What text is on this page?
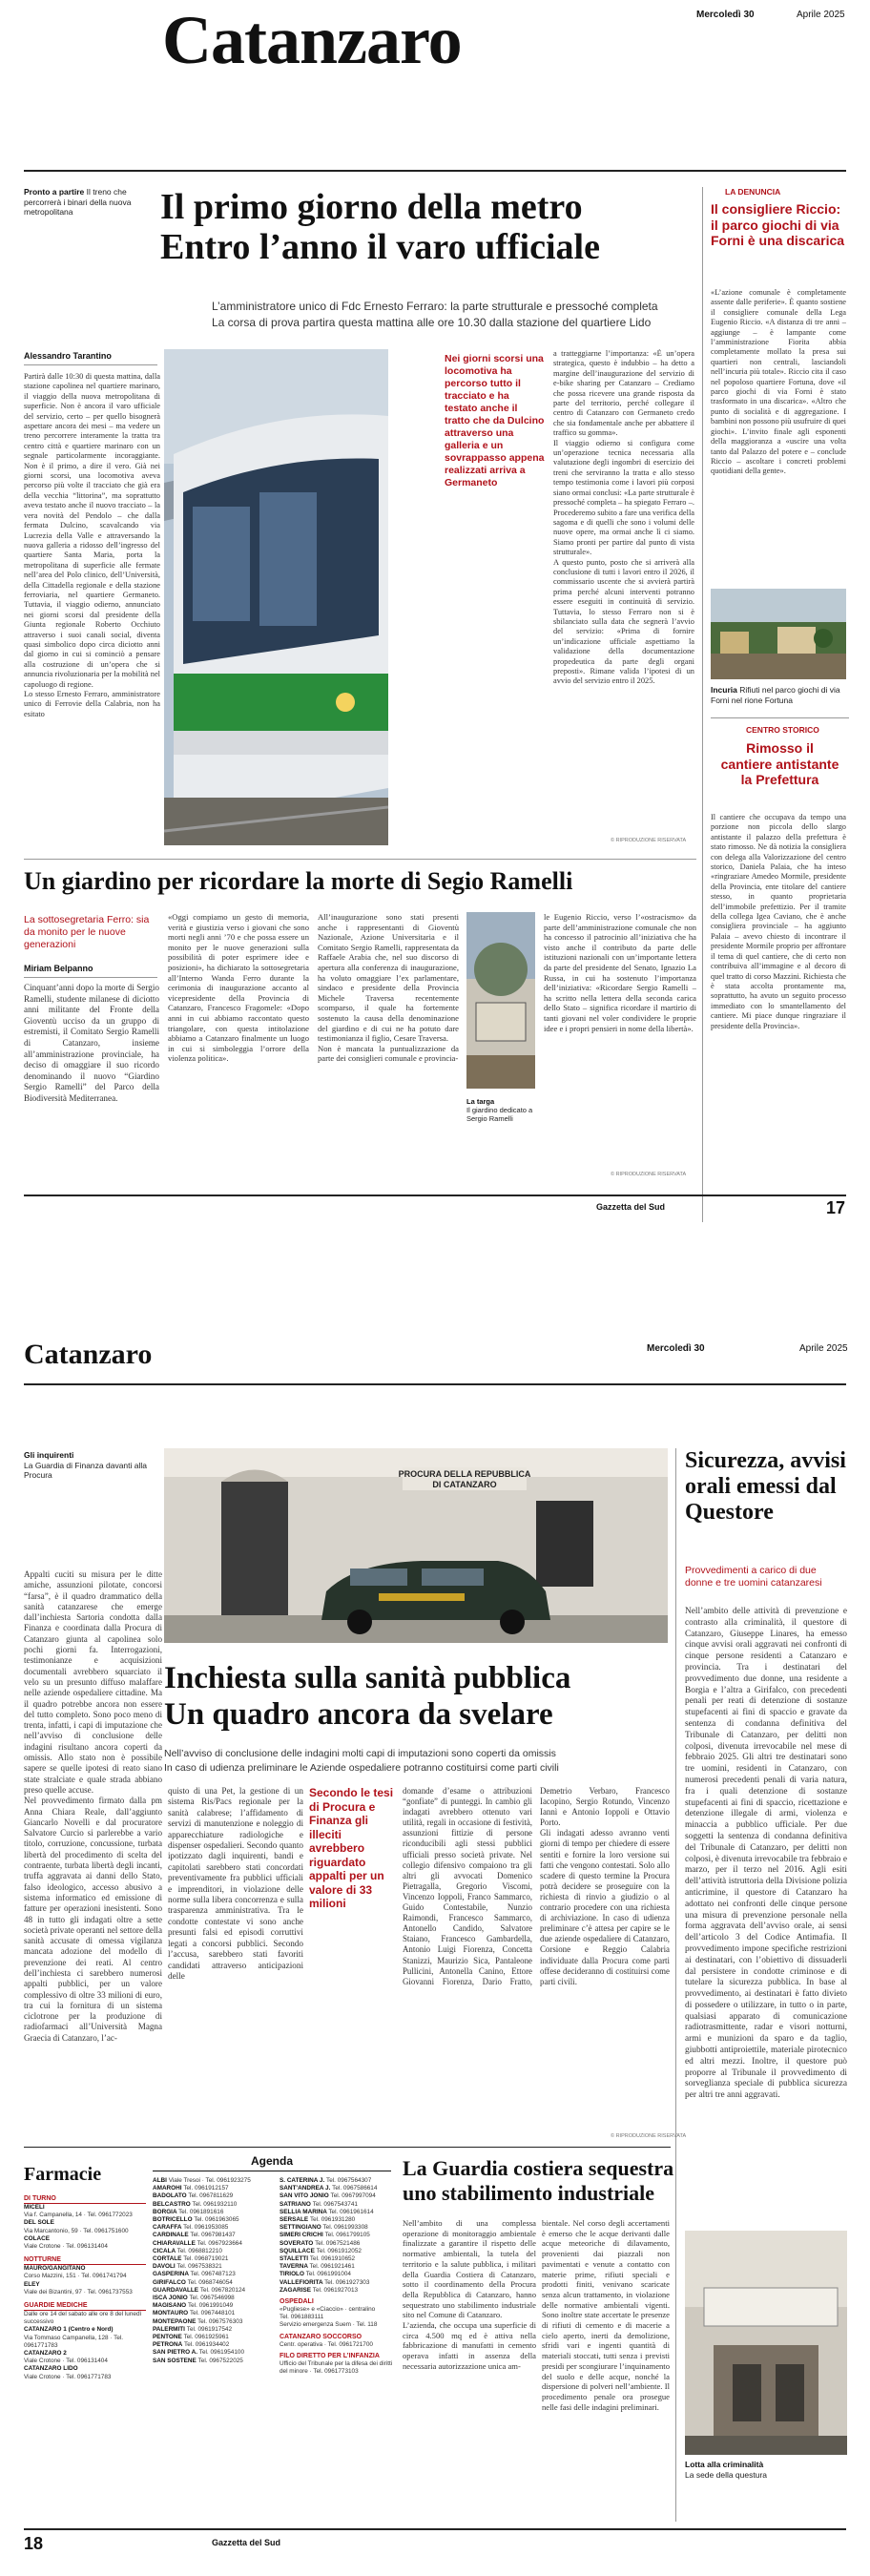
Catanzaro	Mercoledì 30	Aprile 2025
Pronto a partire Il treno che percorrerà i binari della nuova metropolitana	Il primo giorno della metro
Entro l’anno il varo ufficiale
L’amministratore unico di Fdc Ernesto Ferraro: la parte strutturale e pressoché completa
La corsa di prova partira questa mattina alle ore 10.30 dalla stazione del quartiere Lido
Alessandro Tarantino
Partirà dalle 10:30 di questa mattina, dalla stazione capolinea nel quartiere marinaro, il viaggio della nuova metropolitana di superficie. Non è ancora il varo ufficiale del servizio, certo – per quello bisognerà aspettare ancora dei mesi – ma vedere un treno percorrere interamente la tratta tra centro città e quartiere marinaro con un segnale particolarmente incoraggiante. Non è il primo, a dire il vero. Già nei giorni scorsi, una locomotiva aveva percorso più volte il tracciato che già era della vecchia “littorina”, ma soprattutto aveva testato anche il nuovo tracciato – la vera novità del Pendolo – che dalla fermata Dulcino, scavalcando via Lucrezia della Valle e attraversando la nuova galleria a ridosso dell’ingresso del quartiere Santa Maria, porta la metropolitana di superficie alle fermate nell’area del Polo clinico, dell’Università, della Cittadella regionale e della stazione ferroviaria, nel quartiere Germaneto. Tuttavia, il viaggio odierno, annunciato nei giorni scorsi dal presidente della Giunta regionale Roberto Occhiuto attraverso i suoi canali social, diventa quasi simbolico dopo circa diciotto anni dal giorno in cui si cominciò a pensare alla costruzione di un’opera che si annuncia rivoluzionaria per la mobilità nel capoluogo di regione.
Lo stesso Ernesto Ferraro, amministratore unico di Ferrovie della Calabria, non ha esitato
Nei giorni scorsi una locomotiva ha percorso tutto il tracciato e ha testato anche il tratto che da Dulcino attraverso una galleria e un sovrappasso appena realizzati arriva a Germaneto
a tratteggiarne l’importanza: «È un’opera strategica, questo è indubbio – ha detto a margine dell’inaugurazione del servizio di e-bike sharing per Catanzaro – Crediamo che possa ricevere una grande risposta da parte del territorio, perché collegare il centro di Catanzaro con Germaneto credo che sia fondamentale anche per abbattere il traffico su gomma».
Il viaggio odierno si configura come un’operazione tecnica necessaria alla valutazione degli ingombri di esercizio dei treni che serviranno la tratta e allo stesso tempo testimonia come i lavori più corposi siano ormai conclusi: «La parte strutturale è pressoché completa – ha spiegato Ferraro –. Procederemo subito a fare una verifica della sagoma e di quelli che sono i volumi delle nuove opere, ma ormai anche lì ci siamo. Siamo pronti per partire dal punto di vista strutturale».
A questo punto, posto che si arriverà alla conclusione di tutti i lavori entro il 2026, il commissario uscente che si avvierà partirà prima perché alcuni interventi potranno essere eseguiti in continuità di servizio. Tuttavia, lo stesso Ferraro non si è sbilanciato sulla data che segnerà l’avvio del servizio: «Prima di fornire un’indicazione ufficiale aspettiamo la validazione della documentazione propedeutica da parte degli organi preposti». Rimane valida l’ipotesi di un avvio del servizio entro il 2025.
© RIPRODUZIONE RISERVATA
LA DENUNCIA
Il consigliere Riccio: il parco giochi di via Forni è una discarica
«L’azione comunale è completamente assente dalle periferie». È quanto sostiene il consigliere comunale della Lega Eugenio Riccio. «A distanza di tre anni – aggiunge – è lampante come l’amministrazione Fiorita abbia completamente mollato la presa sui quartieri non centrali, lasciandoli nell’incuria più totale». Riccio cita il caso nel popoloso quartiere Fortuna, dove «il parco giochi di via Forni è stato trasformato in una discarica». «Altro che punto di socialità e di aggregazione. I bambini non possono più usufruire di quei giochi». L’invito finale agli esponenti della maggioranza a «uscire una volta tanto dal Palazzo del potere e – conclude Riccio – ascoltare i concreti problemi quotidiani della gente».
Incuria Rifiuti nel parco giochi di via Forni nel rione Fortuna
CENTRO STORICO
Rimosso il cantiere antistante la Prefettura
Il cantiere che occupava da tempo una porzione non piccola dello slargo antistante il palazzo della prefettura è stato rimosso. Ne dà notizia la consigliera con delega alla Valorizzazione del centro storico, Daniela Palaia, che ha inteso «ringraziare Amedeo Mormile, presidente della Provincia, ente titolare del cantiere stesso, in quanto proprietaria dell’immobile prefettizio. Per il tramite della collega Igea Caviano, che è anche consigliera provinciale – ha aggiunto Palaia – avevo chiesto di incontrare il presidente Mormile proprio per affrontare il tema di quel cantiere, che di certo non contribuiva all’immagine e al decoro di quel tratto di corso Mazzini. Richiesta che è stata accolta prontamente ma, soprattutto, ha avuto un seguito processo immediato con lo smantellamento del cantiere. Mi piace dunque ringraziare il presidente della Provincia».
Un giardino per ricordare la morte di Segio Ramelli
La sottosegretaria Ferro: sia da monito per le nuove generazioni
Miriam Belpanno
Cinquant’anni dopo la morte di Sergio Ramelli, studente milanese di diciotto anni militante del Fronte della Gioventù ucciso da un gruppo di estremisti, il Comitato Sergio Ramelli di Catanzaro, insieme all’amministrazione provinciale, ha deciso di omaggiare il suo ricordo denominando il nuovo “Giardino Sergio Ramelli” del Parco della Biodiversità Mediterranea.
«Oggi compiamo un gesto di memoria, verità e giustizia verso i giovani che sono morti negli anni ’70 e che possa essere un monito per le nuove generazioni sulla possibilità di poter esprimere idee e posizioni», ha dichiarato la sottosegretaria all’Interno Wanda Ferro durante la cerimonia di inaugurazione accanto al vicepresidente della Provincia di Catanzaro, Francesco Fragomele: «Dopo anni in cui abbiamo raccontato questo triangolare, con questa intitolazione abbiamo a Catanzaro finalmente un luogo in cui si simboleggia l’orrore della violenza politica».
All’inaugurazione sono stati presenti anche i rappresentanti di Gioventù Nazionale, Azione Universitaria e il Comitato Sergio Ramelli, rappresentata da Raffaele Arabia che, nel suo discorso di apertura alla conferenza di inaugurazione, ha voluto omaggiare l’ex parlamentare, sindaco e presidente della Provincia Michele Traversa recentemente scomparso, il quale ha fortemente sostenuto la causa della denominazione del giardino e di cui ne ha potuto dare testimonianza il figlio, Cesare Traversa.
Non è mancata la puntualizzazione da parte dei consiglieri comunale e provincia-
La targa
Il giardino dedicato a Sergio Ramelli
le Eugenio Riccio, verso l’«ostracismo» da parte dell’amministrazione comunale che non ha concesso il patrocinio all’iniziativa che ha visto anche il contributo da parte delle istituzioni nazionali con un’importante lettera da parte del presidente del Senato, Ignazio La Russa, in cui ha sostenuto l’importanza dell’iniziativa: «Ricordare Sergio Ramelli – ha scritto nella lettera della seconda carica dello Stato – significa ricordare il martirio di tanti giovani nel voler condividere le proprie idee e i propri pensieri in nome della libertà».
© RIPRODUZIONE RISERVATA
Gazzetta del Sud	17
Catanzaro	Mercoledì 30	Aprile 2025
Gli inquirenti
La Guardia di Finanza davanti alla Procura	PROCURA DELLA REPUBBLICA
DI CATANZARO
Sicurezza, avvisi orali emessi dal Questore
Provvedimenti a carico di due donne e tre uomini catanzaresi
Nell’ambito delle attività di prevenzione e contrasto alla criminalità, il questore di Catanzaro, Giuseppe Linares, ha emesso cinque avvisi orali aggravati nei confronti di cinque persone residenti a Catanzaro e provincia. Tra i destinatari del provvedimento due donne, una residente a Borgia e l’altra a Girifalco, con precedenti penali per reati di detenzione di sostanze stupefacenti ai fini di spaccio e gravate da sentenza di condanna definitiva del Tribunale di Catanzaro, per delitti non colposi, divenuta irrevocabile nel mese di febbraio 2025. Gli altri tre destinatari sono tre uomini, residenti in Catanzaro, con numerosi precedenti penali di varia natura, fra i quali detenzione di sostanze stupefacenti ai fini di spaccio, ricettazione e detenzione illegale di armi, violenza e minaccia a pubblico ufficiale. Per due soggetti la sentenza di condanna definitiva del Tribunale di Catanzaro, per delitti non colposi, è divenuta irrevocabile tra febbraio e marzo, per il terzo nel 2016. Agli esiti dell’attività istruttoria della Divisione polizia anticrimine, il questore di Catanzaro ha adottato nei confronti delle cinque persone una misura di prevenzione personale nella forma aggravata dell’avviso orale, ai sensi dell’articolo 3 del Codice Antimafia. Il provvedimento impone specifiche restrizioni ai destinatari, con l’obiettivo di dissuaderli dal persistere in condotte criminose e di tutelare la sicurezza pubblica. In base al provvedimento, ai destinatari è fatto divieto di possedere o utilizzare, in tutto o in parte, qualsiasi apparato di comunicazione radiotrasmittente, radar e visori notturni, armi e munizioni da sparo e da taglio, giubbotti antiproiettile, materiale pirotecnico ed altri mezzi. Inoltre, il questore può proporre al Tribunale il provvedimento di sorveglianza speciale di pubblica sicurezza per altri tre anni aggravati.
Inchiesta sulla sanità pubblica
Un quadro ancora da svelare
Nell’avviso di conclusione delle indagini molti capi di imputazioni sono coperti da omissis
In caso di udienza preliminare le Aziende ospedaliere potranno costituirsi come parti civili
Appalti cuciti su misura per le ditte amiche, assunzioni pilotate, concorsi “farsa”, è il quadro drammatico della sanità catanzarese che emerge dall’inchiesta Sartoria condotta dalla Finanza e coordinata dalla Procura di Catanzaro giunta al capolinea solo pochi giorni fa. Interrogazioni, testimonianze e acquisizioni documentali avrebbero squarciato il velo su un presunto diffuso malaffare nelle aziende ospedaliere cittadine. Ma il quadro potrebbe ancora non essere del tutto completo. Sono poco meno di trenta, infatti, i capi di imputazione che nell’avviso di conclusione delle indagini risultano ancora coperti da omissis. Allo stato non è possibile sapere se quelle ipotesi di reato siano state stralciate e quale strada abbiano preso quelle accuse.
Nel provvedimento firmato dalla pm Anna Chiara Reale, dall’aggiunto Giancarlo Novelli e dal procuratore Salvatore Curcio si parlerebbe a vario titolo, corruzione, concussione, turbata libertà del procedimento di scelta del contraente, turbata libertà degli incanti, truffa aggravata ai danni dello Stato, falso ideologico, accesso abusivo a sistema informatico ed emissione di fatture per operazioni inesistenti. Sono 48 in tutto gli indagati oltre a sette società private operanti nel settore della sanità accusate di omessa vigilanza mancata adozione del modello di prevenzione dei reati. Al centro dell’inchiesta ci sarebbero numerosi appalti pubblici, per un valore complessivo di oltre 33 milioni di euro, tra cui la fornitura di un sistema ciclotrone per la produzione di radiofarmaci all’Università Magna Graecia di Catanzaro, l’ac-
quisto di una Pet, la gestione di un sistema Ris/Pacs regionale per la sanità calabrese; l’affidamento di servizi di manutenzione e noleggio di apparecchiature radiologiche e dispenser ospedalieri. Secondo quanto ipotizzato dagli inquirenti, bandi e capitolati sarebbero stati concordati preventivamente fra pubblici ufficiali e imprenditori, in violazione delle norme sulla libera concorrenza e sulla trasparenza amministrativa. Tra le condotte contestate vi sono anche presunti falsi ed episodi corruttivi legati a concorsi pubblici. Secondo l’accusa, sarebbero stati favoriti candidati attraverso anticipazioni delle
Secondo le tesi di Procura e Finanza gli illeciti avrebbero riguardato appalti per un valore di 33 milioni
domande d’esame o attribuzioni “gonfiate” di punteggi. In cambio gli indagati avrebbero ottenuto vari utilità, regali in occasione di festività, assunzioni fittizie di persone riconducibili agli stessi pubblici ufficiali presso società private. Nel collegio difensivo compaiono tra gli altri gli avvocati Domenico Pietragalla, Gregorio Viscomi, Vincenzo Ioppoli, Franco Sammarco, Guido Contestabile, Nunzio Raimondi, Francesco Sammarco, Antonello Candido, Salvatore Staiano, Francesco Gambardella, Antonio Luigi Fiorenza, Concetta Stanizzi, Maurizio Sica, Pantaleone Pullicini, Antonella Canino, Ettore Giovanni Fiorenza, Dario Fratto, Demetrio Verbaro, Francesco Iacopino, Sergio Rotundo, Vincenzo Iannì e Antonio Ioppoli e Ottavio Porto.
Gli indagati adesso avranno venti giorni di tempo per chiedere di essere sentiti e fornire la loro versione sui fatti che vengono contestati. Solo allo scadere di questo termine la Procura potrà decidere se proseguire con la richiesta di rinvio a giudizio o al contrario procedere con una richiesta di archiviazione. In caso di udienza preliminare c’è attesa per capire se le due aziende ospedaliere di Catanzaro, Corsione e Reggio Calabria individuate dalla Procura come parti offese decideranno di costituirsi come parti civili.
© RIPRODUZIONE RISERVATA
Farmacie
DI TURNO
MICELI
Via f. Campanella, 14 · Tel. 0961772023
DEL SOLE
Via Marcantonio, 59 · Tel. 0961751600
COLACE
Viale Crotone · Tel. 096131404
NOTTURNE
MAURO/GANGITANO
Corso Mazzini, 151 · Tel. 0961741794
ELEY
Viale dei Bizantini, 97 · Tel. 0961737553
GUARDIE MEDICHE
Dalle ore 14 del sabato alle ore 8 del lunedì successivo
CATANZARO 1 (Centro e Nord)
Via Tommaso Campanella, 128 · Tel. 0961771783
CATANZARO 2
Viale Crotone · Tel. 096131404
CATANZARO LIDO
Viale Crotone · Tel. 0961771783
Agenda
ALBI Viale Tresoi · Tel. 0961923275
AMAROHI Tel. 0961912157
BADOLATO Tel. 0967811629
BELCASTRO Tel. 0961932110
BORGIA Tel. 0961891616
BOTRICELLO Tel. 0961963065
CARAFFA Tel. 0961953085
CARDINALE Tel. 0967981437
CHIARAVALLE Tel. 0967923664
CICALA Tel. 0968812210
CORTALE Tel. 0968719021
DAVOLI Tel. 0967538321
GASPERINA Tel. 0967487123
GIRIFALCO Tel. 0968746054
GUARDAVALLE Tel. 0967820124
ISCA JONIO Tel. 0967546998
MAGISANO Tel. 0961991049
MONTAURO Tel. 0967448101
MONTEPAONE Tel. 0967576303
PALERMITI Tel. 0961917542
PENTONE Tel. 0961925961
PETRONÀ Tel. 0961934402
SAN PIETRO A. Tel. 0961954100
SAN SOSTENE Tel. 0967522025
S. CATERINA J. Tel. 0967564307
SANT’ANDREA J. Tel. 0967586614
SAN VITO JONIO Tel. 0967997094
SATRIANO Tel. 0967543741
SELLIA MARINA Tel. 0961961614
SERSALE Tel. 0961931280
SETTINGIANO Tel. 0961993308
SIMERI CRICHI Tel. 0961799105
SOVERATO Tel. 0967521486
SQUILLACE Tel. 0961912052
STALETTÌ Tel. 0961910652
TAVERNA Tel. 0961921461
TIRIOLO Tel. 0961991004
VALLEFIORITA Tel. 0961927303
ZAGARISE Tel. 0961927013
OSPEDALI
«Pugliese» e «Ciaccio» · centralino
Tel. 0961883111
Servizio emergenza Suem · Tel. 118
CATANZARO SOCCORSO
Centr. operativa · Tel. 0961721700
FILO DIRETTO PER L’INFANZIA
Ufficio del Tribunale per la difesa dei diritti del minore · Tel. 0961773103
La Guardia costiera sequestra
uno stabilimento industriale
Nell’ambito di una complessa operazione di monitoraggio ambientale finalizzate a garantire il rispetto delle normative ambientali, la tutela del territorio e la salute pubblica, i militari della Guardia Costiera di Catanzaro, sotto il coordinamento della Procura della Repubblica di Catanzaro, hanno sequestrato uno stabilimento industriale sito nel Comune di Catanzaro.
L’azienda, che occupa una superficie di circa 4.500 mq ed è attiva nella fabbricazione di manufatti in cemento operava infatti in assenza della necessaria autorizzazione unica am-
bientale. Nel corso degli accertamenti è emerso che le acque derivanti dalle acque meteoriche di dilavamento, provenienti dai piazzali non pavimentati e venute a contatto con materie prime, rifiuti speciali e prodotti finiti, venivano scaricate senza alcun trattamento, in violazione delle normative ambientali vigenti. Sono inoltre state accertate le presenze di rifiuti di cemento e di macerie a cielo aperto, inerti da demolizione, sfridi vari e ingenti quantità di materiali stoccati, tutti senza i previsti presidi per scongiurare l’inquinamento del suolo e delle acque, nonché la dispersione di polveri nell’ambiente. Il procedimento penale ora prosegue nelle fasi delle indagini preliminari.
Lotta alla criminalità
La sede della questura
18	Gazzetta del Sud
